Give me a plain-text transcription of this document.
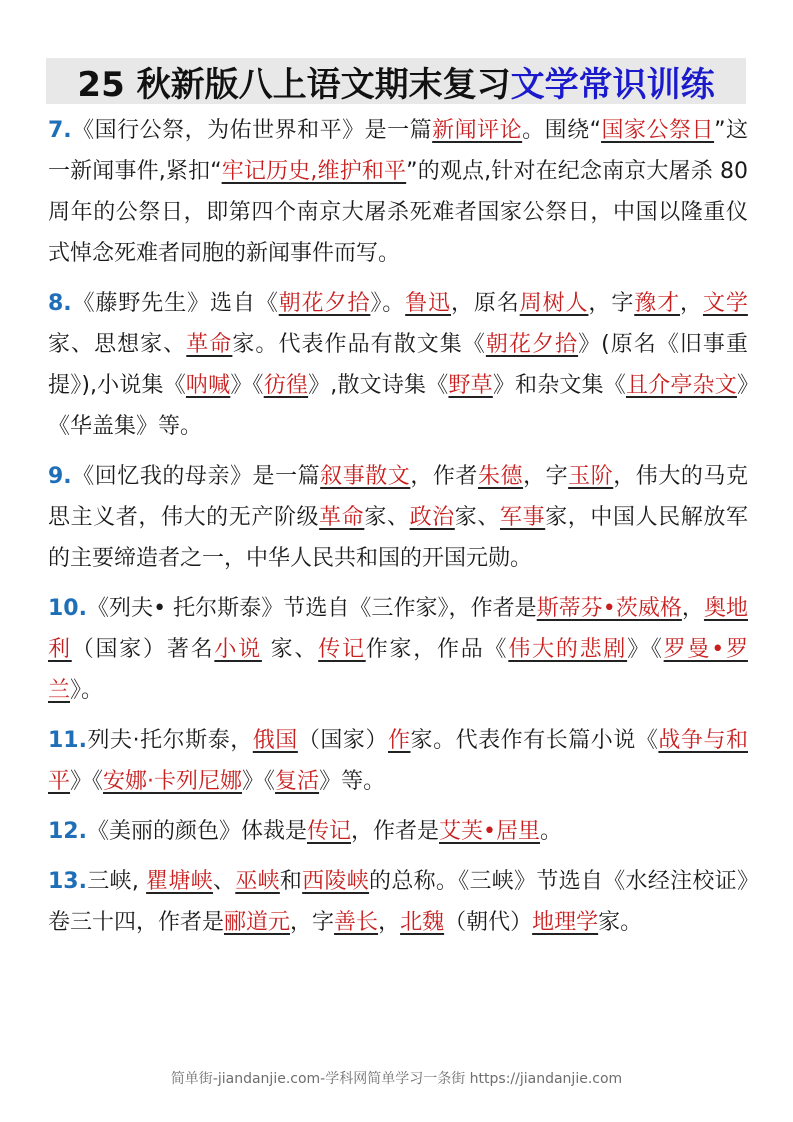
25 秋新版八上语文期末复习 文学常识训练

7.《国行公祭，为佑世界和平》是一篇新闻评论。围绕“国家公祭日”这一新闻事件,紧扣“牢记历史,维护和平”的观点,针对在纪念南京大屠杀 80 周年的公祭日，即第四个南京大屠杀死难者国家公祭日，中国以隆重仪式悼念死难者同胞的新闻事件而写。

8.《藤野先生》选自《朝花夕拾》。鲁迅，原名周树人，字豫才，文学家、思想家、革命家。代表作品有散文集《朝花夕拾》(原名《旧事重提》),小说集《呐喊》《彷徨》,散文诗集《野草》和杂文集《且介亭杂文》《华盖集》等。

9.《回忆我的母亲》是一篇叙事散文，作者朱德，字玉阶，伟大的马克思主义者，伟大的无产阶级革命家、政治家、军事家，中国人民解放军的主要缔造者之一，中华人民共和国的开国元勋。

10.《列夫• 托尔斯泰》节选自《三作家》，作者是斯蒂芬•茨威格，奥地利（国家）著名小说 家、传记作家，作品《伟大的悲剧》《罗曼•罗兰》。

11.列夫·托尔斯泰，俄国（国家）作家。代表作有长篇小说《战争与和平》《安娜·卡列尼娜》《复活》等。

12.《美丽的颜色》体裁是传记，作者是艾芙•居里。

13.三峡, 瞿塘峡、巫峡和西陵峡的总称。《三峡》节选自《水经注校证》卷三十四，作者是郦道元，字善长，北魏（朝代）地理学家。

简单街-jiandanjie.com-学科网简单学习一条街 https://jiandanjie.com
